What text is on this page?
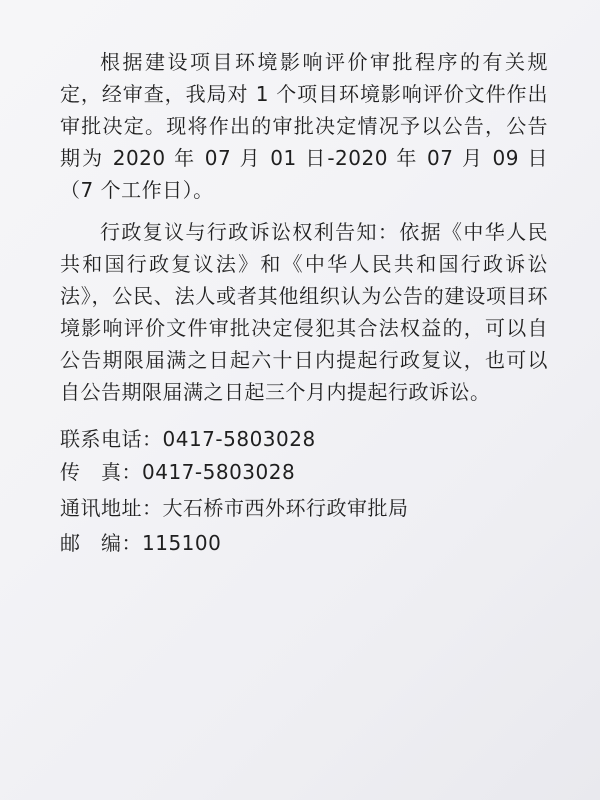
根据建设项目环境影响评价审批程序的有关规定，经审查，我局对 1 个项目环境影响评价文件作出审批决定。现将作出的审批决定情况予以公告，公告期为 2020 年 07 月 01 日-2020 年 07 月 09 日（7 个工作日）。

行政复议与行政诉讼权利告知：依据《中华人民共和国行政复议法》和《中华人民共和国行政诉讼法》，公民、法人或者其他组织认为公告的建设项目环境影响评价文件审批决定侵犯其合法权益的，可以自公告期限届满之日起六十日内提起行政复议，也可以自公告期限届满之日起三个月内提起行政诉讼。

联系电话：0417-5803028
传　真：0417-5803028
通讯地址：大石桥市西外环行政审批局
邮　编：115100
